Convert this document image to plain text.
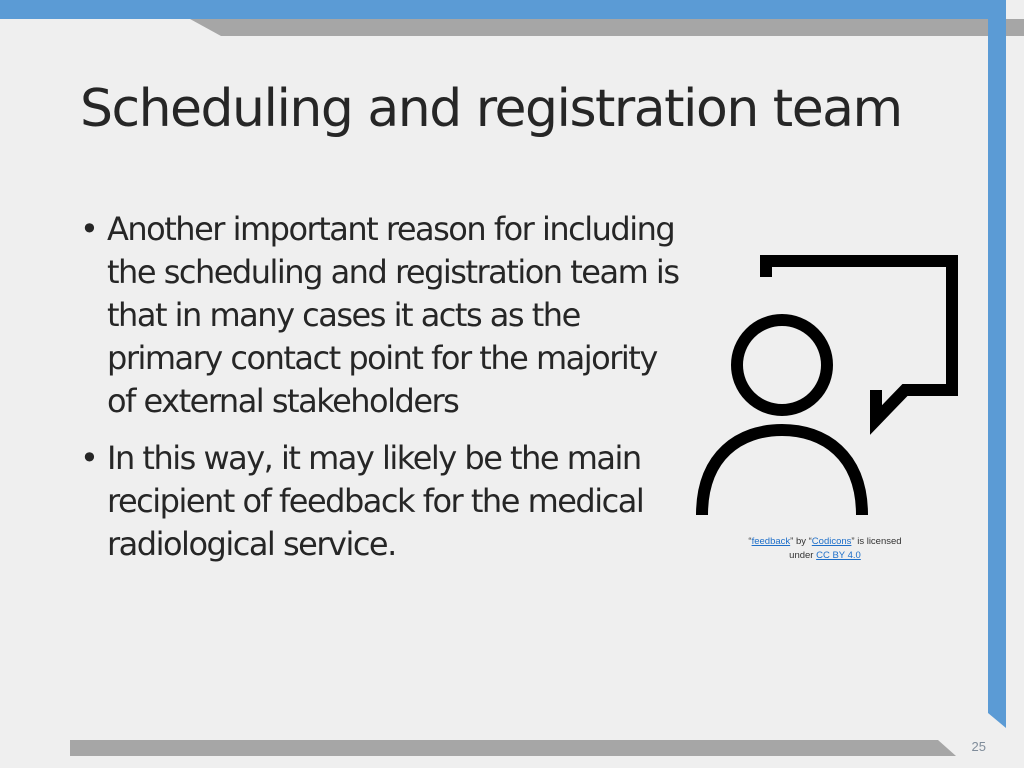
Scheduling and registration team
• Another important reason for including the scheduling and registration team is that in many cases it acts as the primary contact point for the majority of external stakeholders
• In this way, it may likely be the main recipient of feedback for the medical radiological service.	“feedback” by “Codicons” is licensed
under CC BY 4.0
25
